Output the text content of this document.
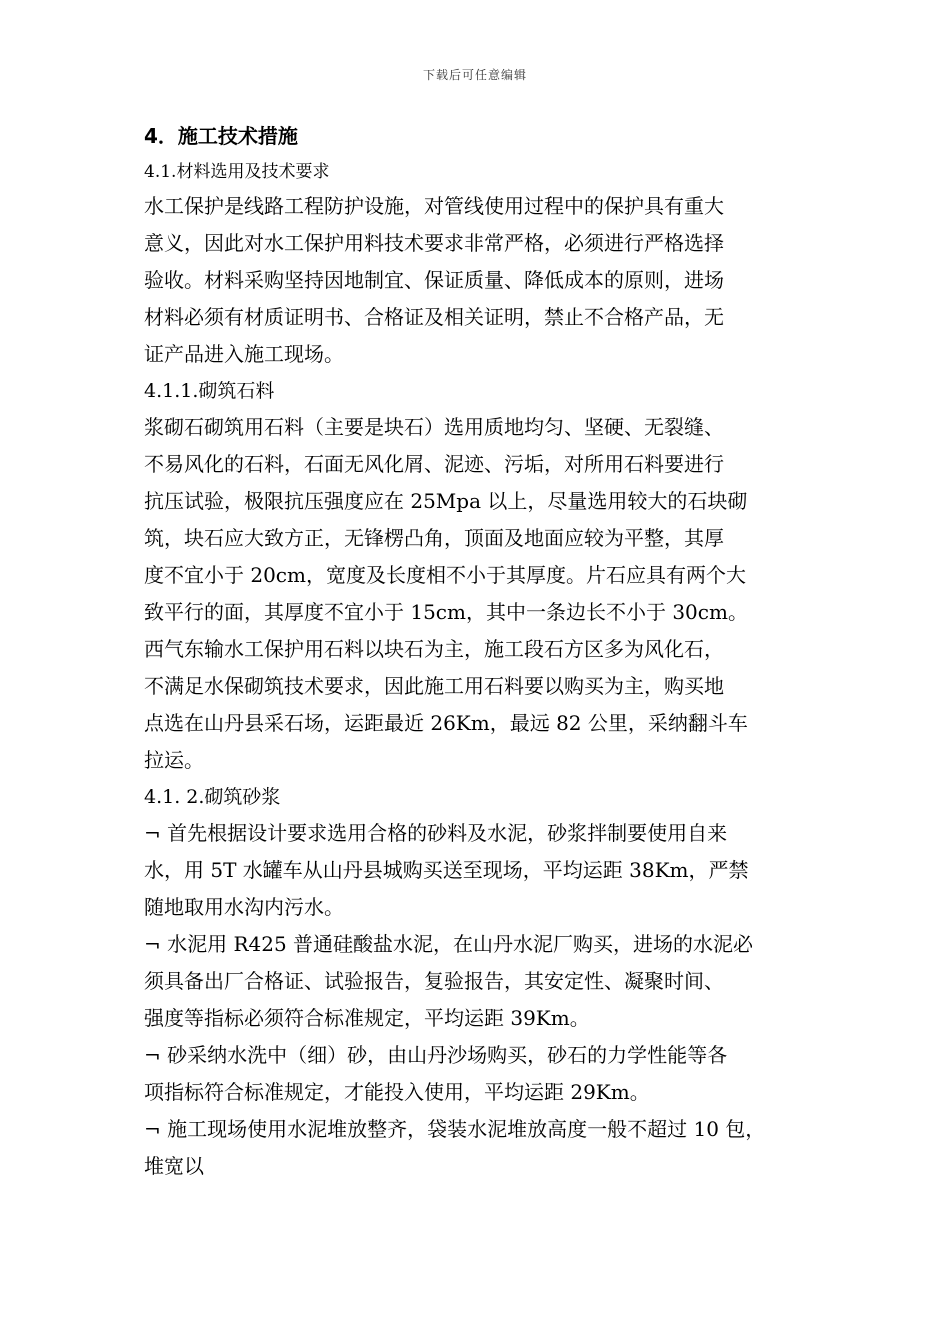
下载后可任意编辑
4．施工技术措施
4.1.材料选用及技术要求
水工保护是线路工程防护设施，对管线使用过程中的保护具有重大
意义，因此对水工保护用料技术要求非常严格，必须进行严格选择
验收。材料采购坚持因地制宜、保证质量、降低成本的原则，进场
材料必须有材质证明书、合格证及相关证明，禁止不合格产品，无
证产品进入施工现场。
4.1.1.砌筑石料
浆砌石砌筑用石料（主要是块石）选用质地均匀、坚硬、无裂缝、
不易风化的石料，石面无风化屑、泥迹、污垢，对所用石料要进行
抗压试验，极限抗压强度应在 25Mpa 以上，尽量选用较大的石块砌
筑，块石应大致方正，无锋楞凸角，顶面及地面应较为平整，其厚
度不宜小于 20cm，宽度及长度相不小于其厚度。片石应具有两个大
致平行的面，其厚度不宜小于 15cm，其中一条边长不小于 30cm。
西气东输水工保护用石料以块石为主，施工段石方区多为风化石，
不满足水保砌筑技术要求，因此施工用石料要以购买为主，购买地
点选在山丹县采石场，运距最近 26Km，最远 82 公里，采纳翻斗车
拉运。
4.1. 2.砌筑砂浆
¬ 首先根据设计要求选用合格的砂料及水泥，砂浆拌制要使用自来
水，用 5T 水罐车从山丹县城购买送至现场，平均运距 38Km，严禁
随地取用水沟内污水。
¬ 水泥用 R425 普通硅酸盐水泥，在山丹水泥厂购买，进场的水泥必
须具备出厂合格证、试验报告，复验报告，其安定性、凝聚时间、
强度等指标必须符合标准规定，平均运距 39Km。
¬ 砂采纳水洗中（细）砂，由山丹沙场购买，砂石的力学性能等各
项指标符合标准规定，才能投入使用，平均运距 29Km。
¬ 施工现场使用水泥堆放整齐，袋装水泥堆放高度一般不超过 10 包，
堆宽以
